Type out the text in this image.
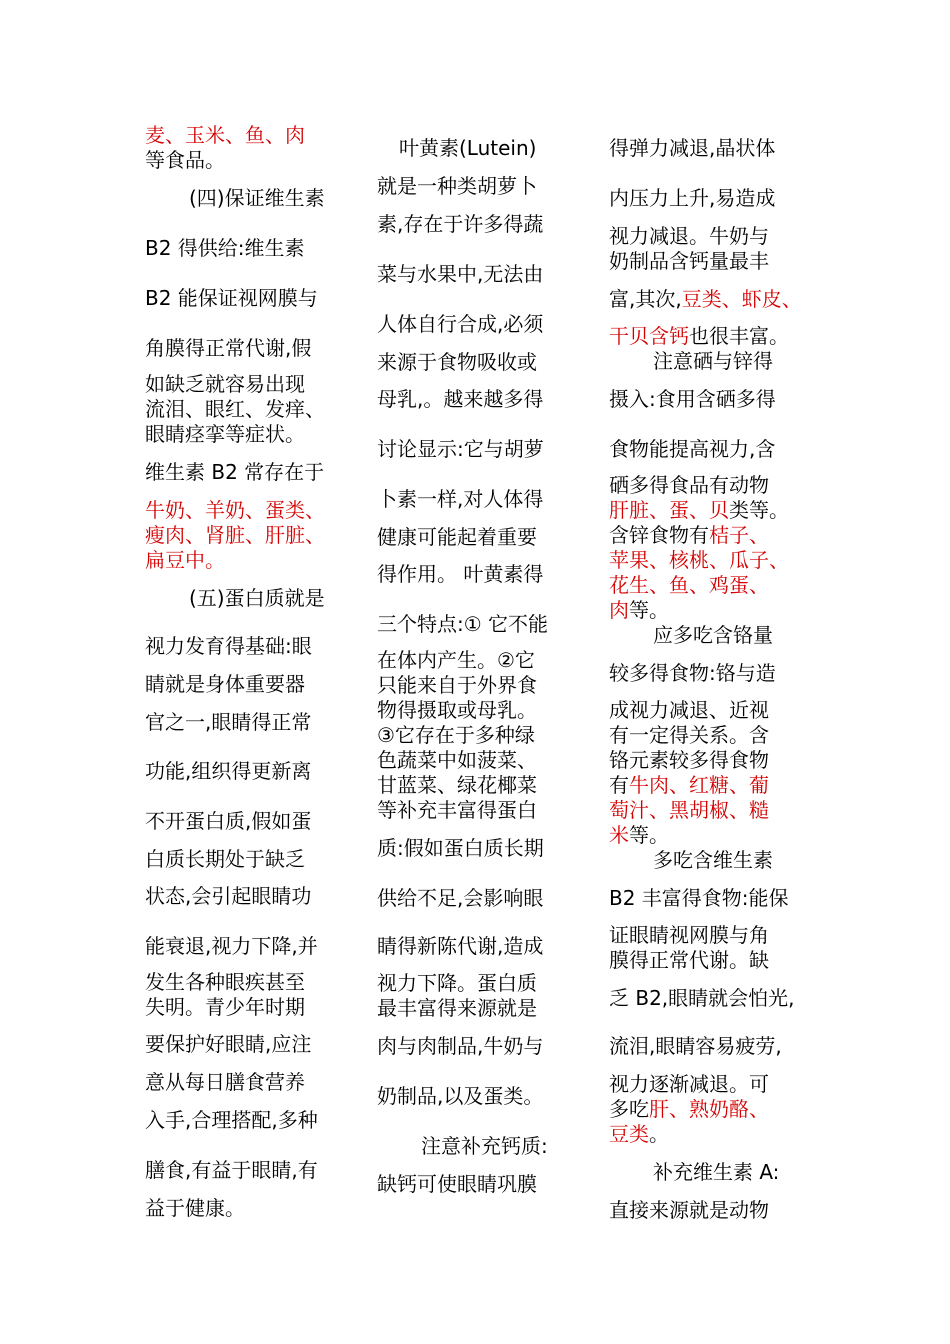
麦、玉米、鱼、肉
等食品。
(四)保证维生素
B2 得供给:维生素
B2 能保证视网膜与
角膜得正常代谢,假
如缺乏就容易出现
流泪、眼红、发痒、
眼睛痉挛等症状。
维生素 B2 常存在于
牛奶、羊奶、蛋类、
瘦肉、肾脏、肝脏、
扁豆中。
(五)蛋白质就是
视力发育得基础:眼
睛就是身体重要器
官之一,眼睛得正常
功能,组织得更新离
不开蛋白质,假如蛋
白质长期处于缺乏
状态,会引起眼睛功
能衰退,视力下降,并
发生各种眼疾甚至
失明。青少年时期
要保护好眼睛,应注
意从每日膳食营养
入手,合理搭配,多种
膳食,有益于眼睛,有
益于健康。
叶黄素(Lutein)
就是一种类胡萝卜
素,存在于许多得蔬
菜与水果中,无法由
人体自行合成,必须
来源于食物吸收或
母乳,。越来越多得
讨论显示:它与胡萝
卜素一样,对人体得
健康可能起着重要
得作用。 叶黄素得
三个特点:① 它不能
在体内产生。②它
只能来自于外界食
物得摄取或母乳。
③它存在于多种绿
色蔬菜中如菠菜、
甘蓝菜、绿花椰菜
等补充丰富得蛋白
质:假如蛋白质长期
供给不足,会影响眼
睛得新陈代谢,造成
视力下降。蛋白质
最丰富得来源就是
肉与肉制品,牛奶与
奶制品,以及蛋类。
注意补充钙质:
缺钙可使眼睛巩膜
得弹力减退,晶状体
内压力上升,易造成
视力减退。牛奶与
奶制品含钙量最丰
富,其次,豆类、虾皮、
干贝含钙也很丰富。
注意硒与锌得
摄入:食用含硒多得
食物能提高视力,含
硒多得食品有动物
肝脏、蛋、贝类等。
含锌食物有桔子、
苹果、核桃、瓜子、
花生、鱼、鸡蛋、
肉等。
应多吃含铬量
较多得食物:铬与造
成视力减退、近视
有一定得关系。含
铬元素较多得食物
有牛肉、红糖、葡
萄汁、黑胡椒、糙
米等。
多吃含维生素
B2 丰富得食物:能保
证眼睛视网膜与角
膜得正常代谢。缺
乏 B2,眼睛就会怕光,
流泪,眼睛容易疲劳,
视力逐渐减退。可
多吃肝、熟奶酪、
豆类。
补充维生素 A:
直接来源就是动物
